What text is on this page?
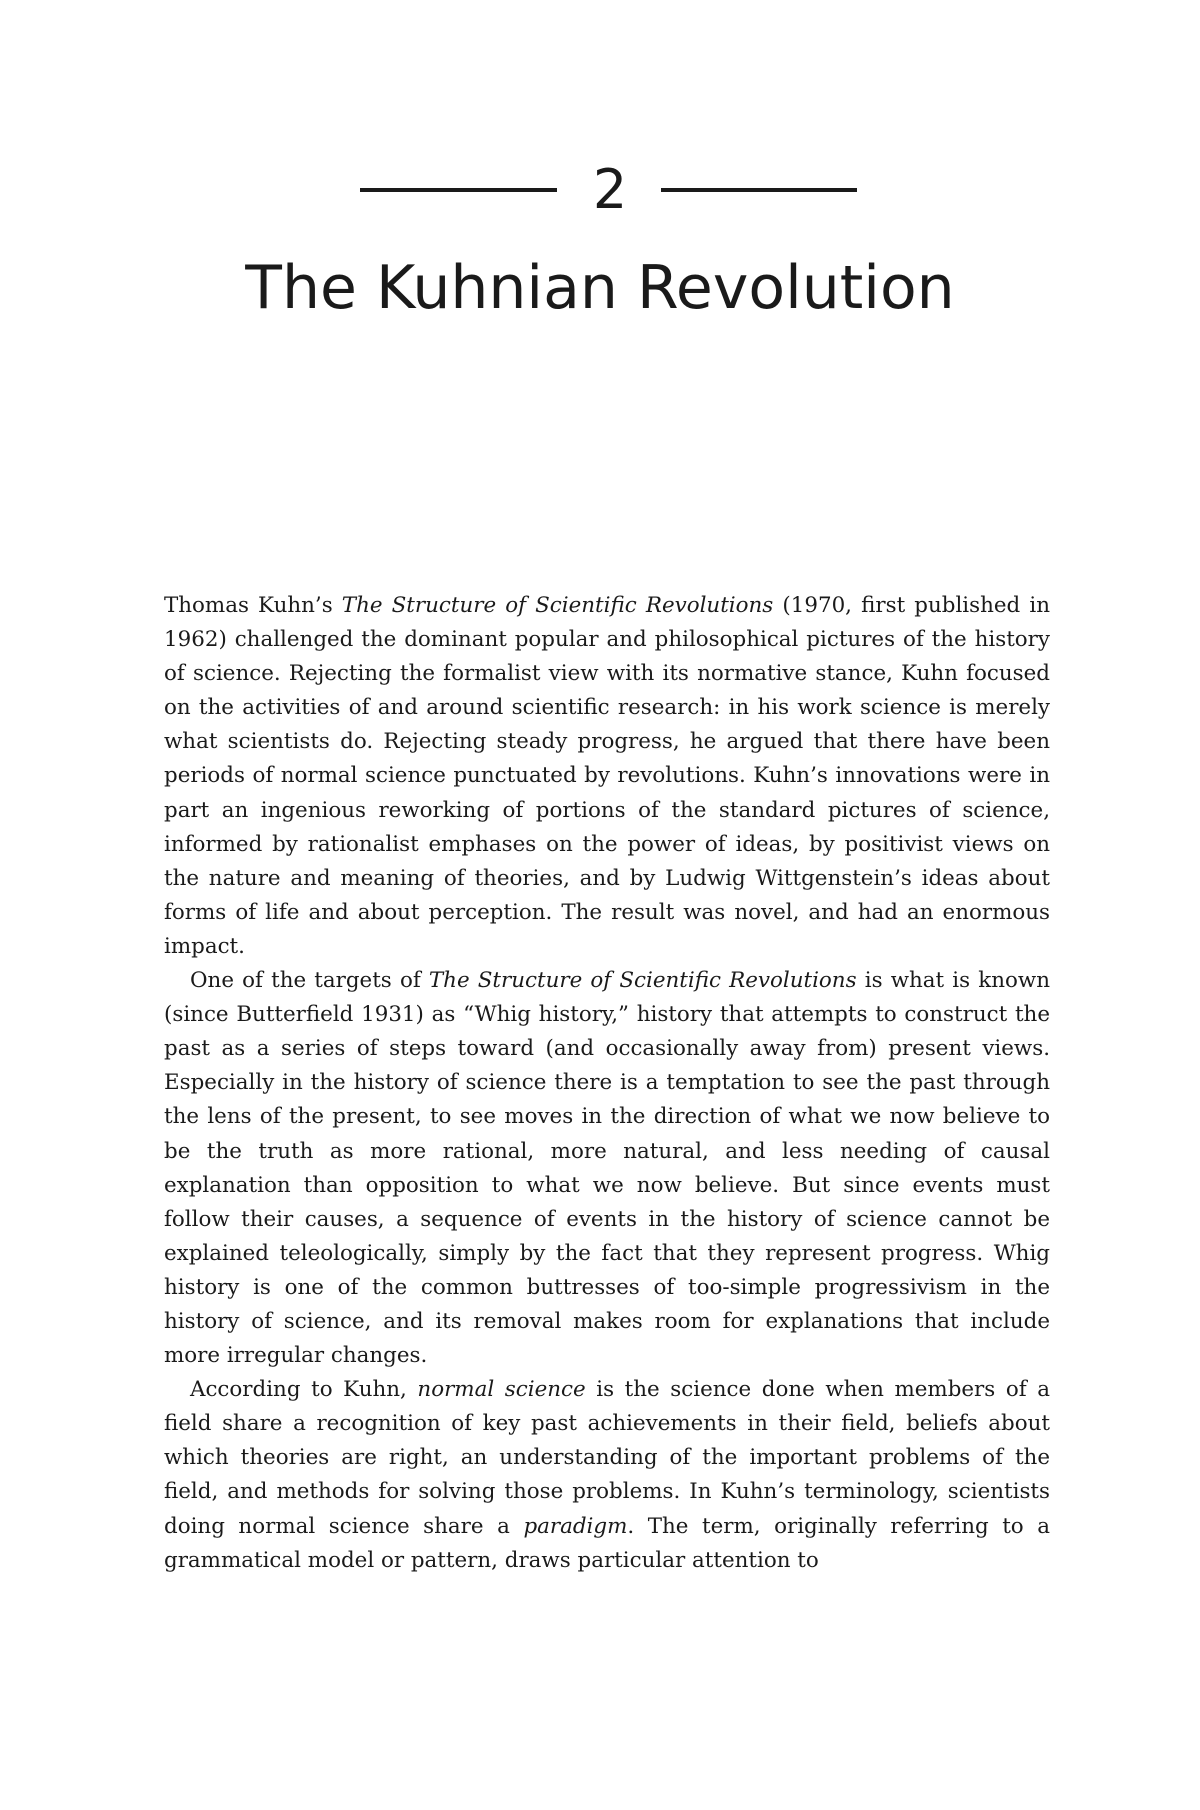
2
The Kuhnian Revolution

Thomas Kuhn’s The Structure of Scientific Revolutions (1970, first published in 1962) challenged the dominant popular and philosophical pictures of the history of science. Rejecting the formalist view with its normative stance, Kuhn focused on the activities of and around scientific research: in his work science is merely what scientists do. Rejecting steady progress, he argued that there have been periods of normal science punctuated by revolutions. Kuhn’s innovations were in part an ingenious reworking of portions of the standard pictures of science, informed by rationalist emphases on the power of ideas, by positivist views on the nature and meaning of theories, and by Ludwig Wittgenstein’s ideas about forms of life and about perception. The result was novel, and had an enormous impact.

One of the targets of The Structure of Scientific Revolutions is what is known (since Butterfield 1931) as “Whig history,” history that attempts to construct the past as a series of steps toward (and occasionally away from) present views. Especially in the history of science there is a temptation to see the past through the lens of the present, to see moves in the direction of what we now believe to be the truth as more rational, more natural, and less needing of causal explanation than opposition to what we now believe. But since events must follow their causes, a sequence of events in the history of science cannot be explained teleologically, simply by the fact that they represent progress. Whig history is one of the common buttresses of too-simple progressivism in the history of science, and its removal makes room for explanations that include more irregular changes.

According to Kuhn, normal science is the science done when members of a field share a recognition of key past achievements in their field, beliefs about which theories are right, an understanding of the important problems of the field, and methods for solving those problems. In Kuhn’s terminology, scientists doing normal science share a paradigm. The term, originally referring to a grammatical model or pattern, draws particular attention to
